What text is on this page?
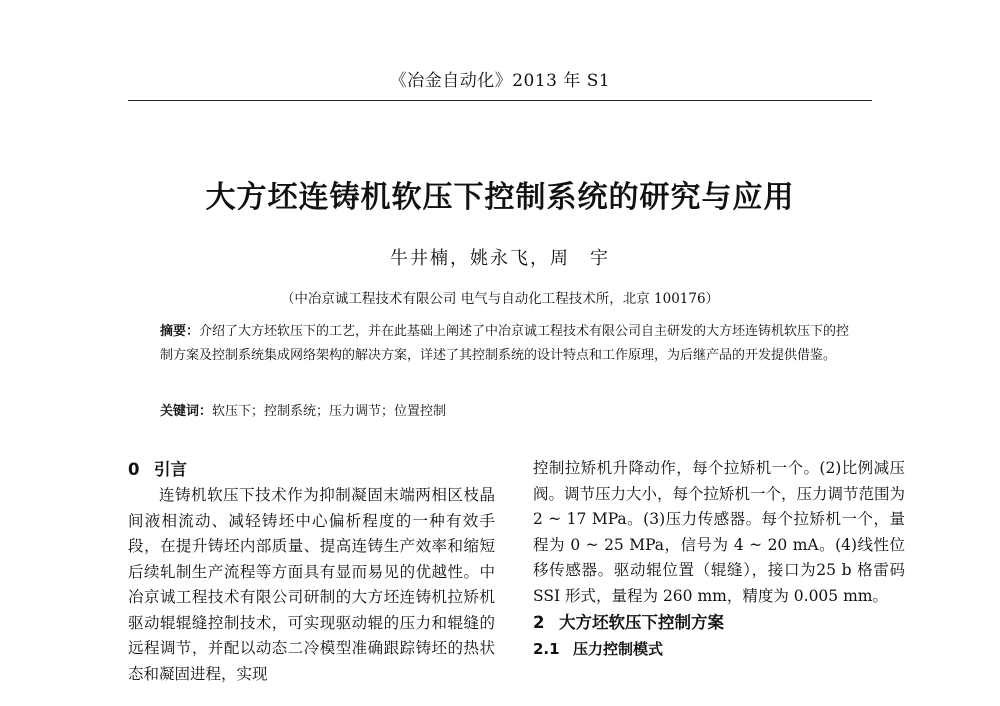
《冶金自动化》2013 年 S1
大方坯连铸机软压下控制系统的研究与应用
牛井楠，姚永飞，周　宇
（中冶京诚工程技术有限公司 电气与自动化工程技术所，北京 100176）
摘要：介绍了大方坯软压下的工艺，并在此基础上阐述了中冶京诚工程技术有限公司自主研发的大方坯连铸机软压下的控制方案及控制系统集成网络架构的解决方案，详述了其控制系统的设计特点和工作原理，为后继产品的开发提供借鉴。
关键词：软压下；控制系统；压力调节；位置控制
0 引言

连铸机软压下技术作为抑制凝固末端两相区枝晶间液相流动、减轻铸坯中心偏析程度的一种有效手段，在提升铸坯内部质量、提高连铸生产效率和缩短后续轧制生产流程等方面具有显而易见的优越性。中冶京诚工程技术有限公司研制的大方坯连铸机拉矫机驱动辊辊缝控制技术，可实现驱动辊的压力和辊缝的远程调节，并配以动态二冷模型准确跟踪铸坯的热状态和凝固进程，实现

控制拉矫机升降动作，每个拉矫机一个。(2)比例减压阀。调节压力大小，每个拉矫机一个，压力调节范围为 2 ~ 17 MPa。(3)压力传感器。每个拉矫机一个，量程为 0 ~ 25 MPa，信号为 4 ~ 20 mA。(4)线性位移传感器。驱动辊位置（辊缝），接口为25 b 格雷码 SSI 形式，量程为 260 mm，精度为 0.005 mm。

2 大方坯软压下控制方案
2.1 压力控制模式
